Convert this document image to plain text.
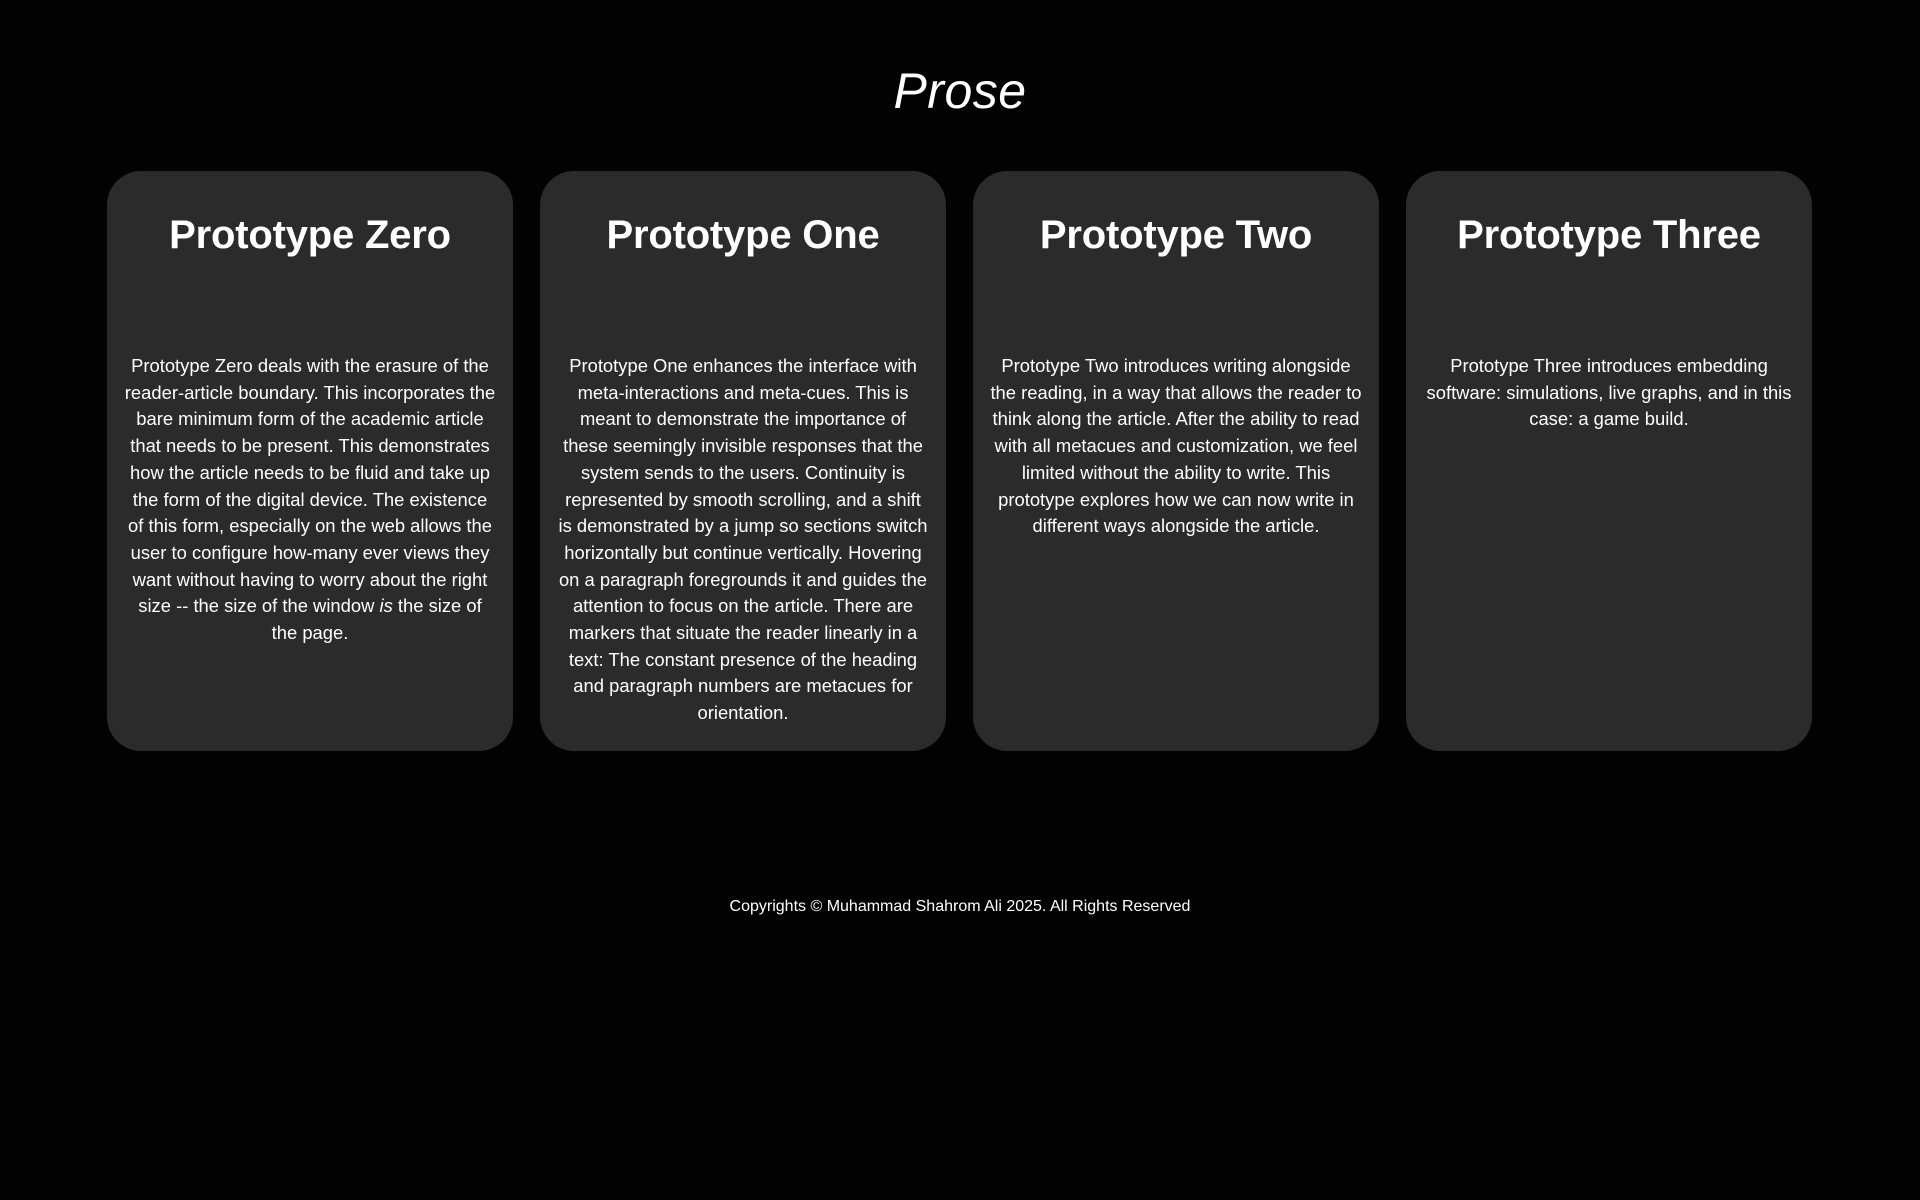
Prose
Prototype Zero

Prototype Zero deals with the erasure of the reader-article boundary. This incorporates the bare minimum form of the academic article that needs to be present. This demonstrates how the article needs to be fluid and take up the form of the digital device. The existence of this form, especially on the web allows the user to configure how-many ever views they want without having to worry about the right size -- the size of the window is the size of the page.

Prototype One

Prototype One enhances the interface with meta-interactions and meta-cues. This is meant to demonstrate the importance of these seemingly invisible responses that the system sends to the users. Continuity is represented by smooth scrolling, and a shift is demonstrated by a jump so sections switch horizontally but continue vertically. Hovering on a paragraph foregrounds it and guides the attention to focus on the article. There are markers that situate the reader linearly in a text: The constant presence of the heading and paragraph numbers are metacues for orientation.

Prototype Two

Prototype Two introduces writing alongside the reading, in a way that allows the reader to think along the article. After the ability to read with all metacues and customization, we feel limited without the ability to write. This prototype explores how we can now write in different ways alongside the article.

Prototype Three

Prototype Three introduces embedding software: simulations, live graphs, and in this case: a game build.

Copyrights © Muhammad Shahrom Ali 2025. All Rights Reserved
